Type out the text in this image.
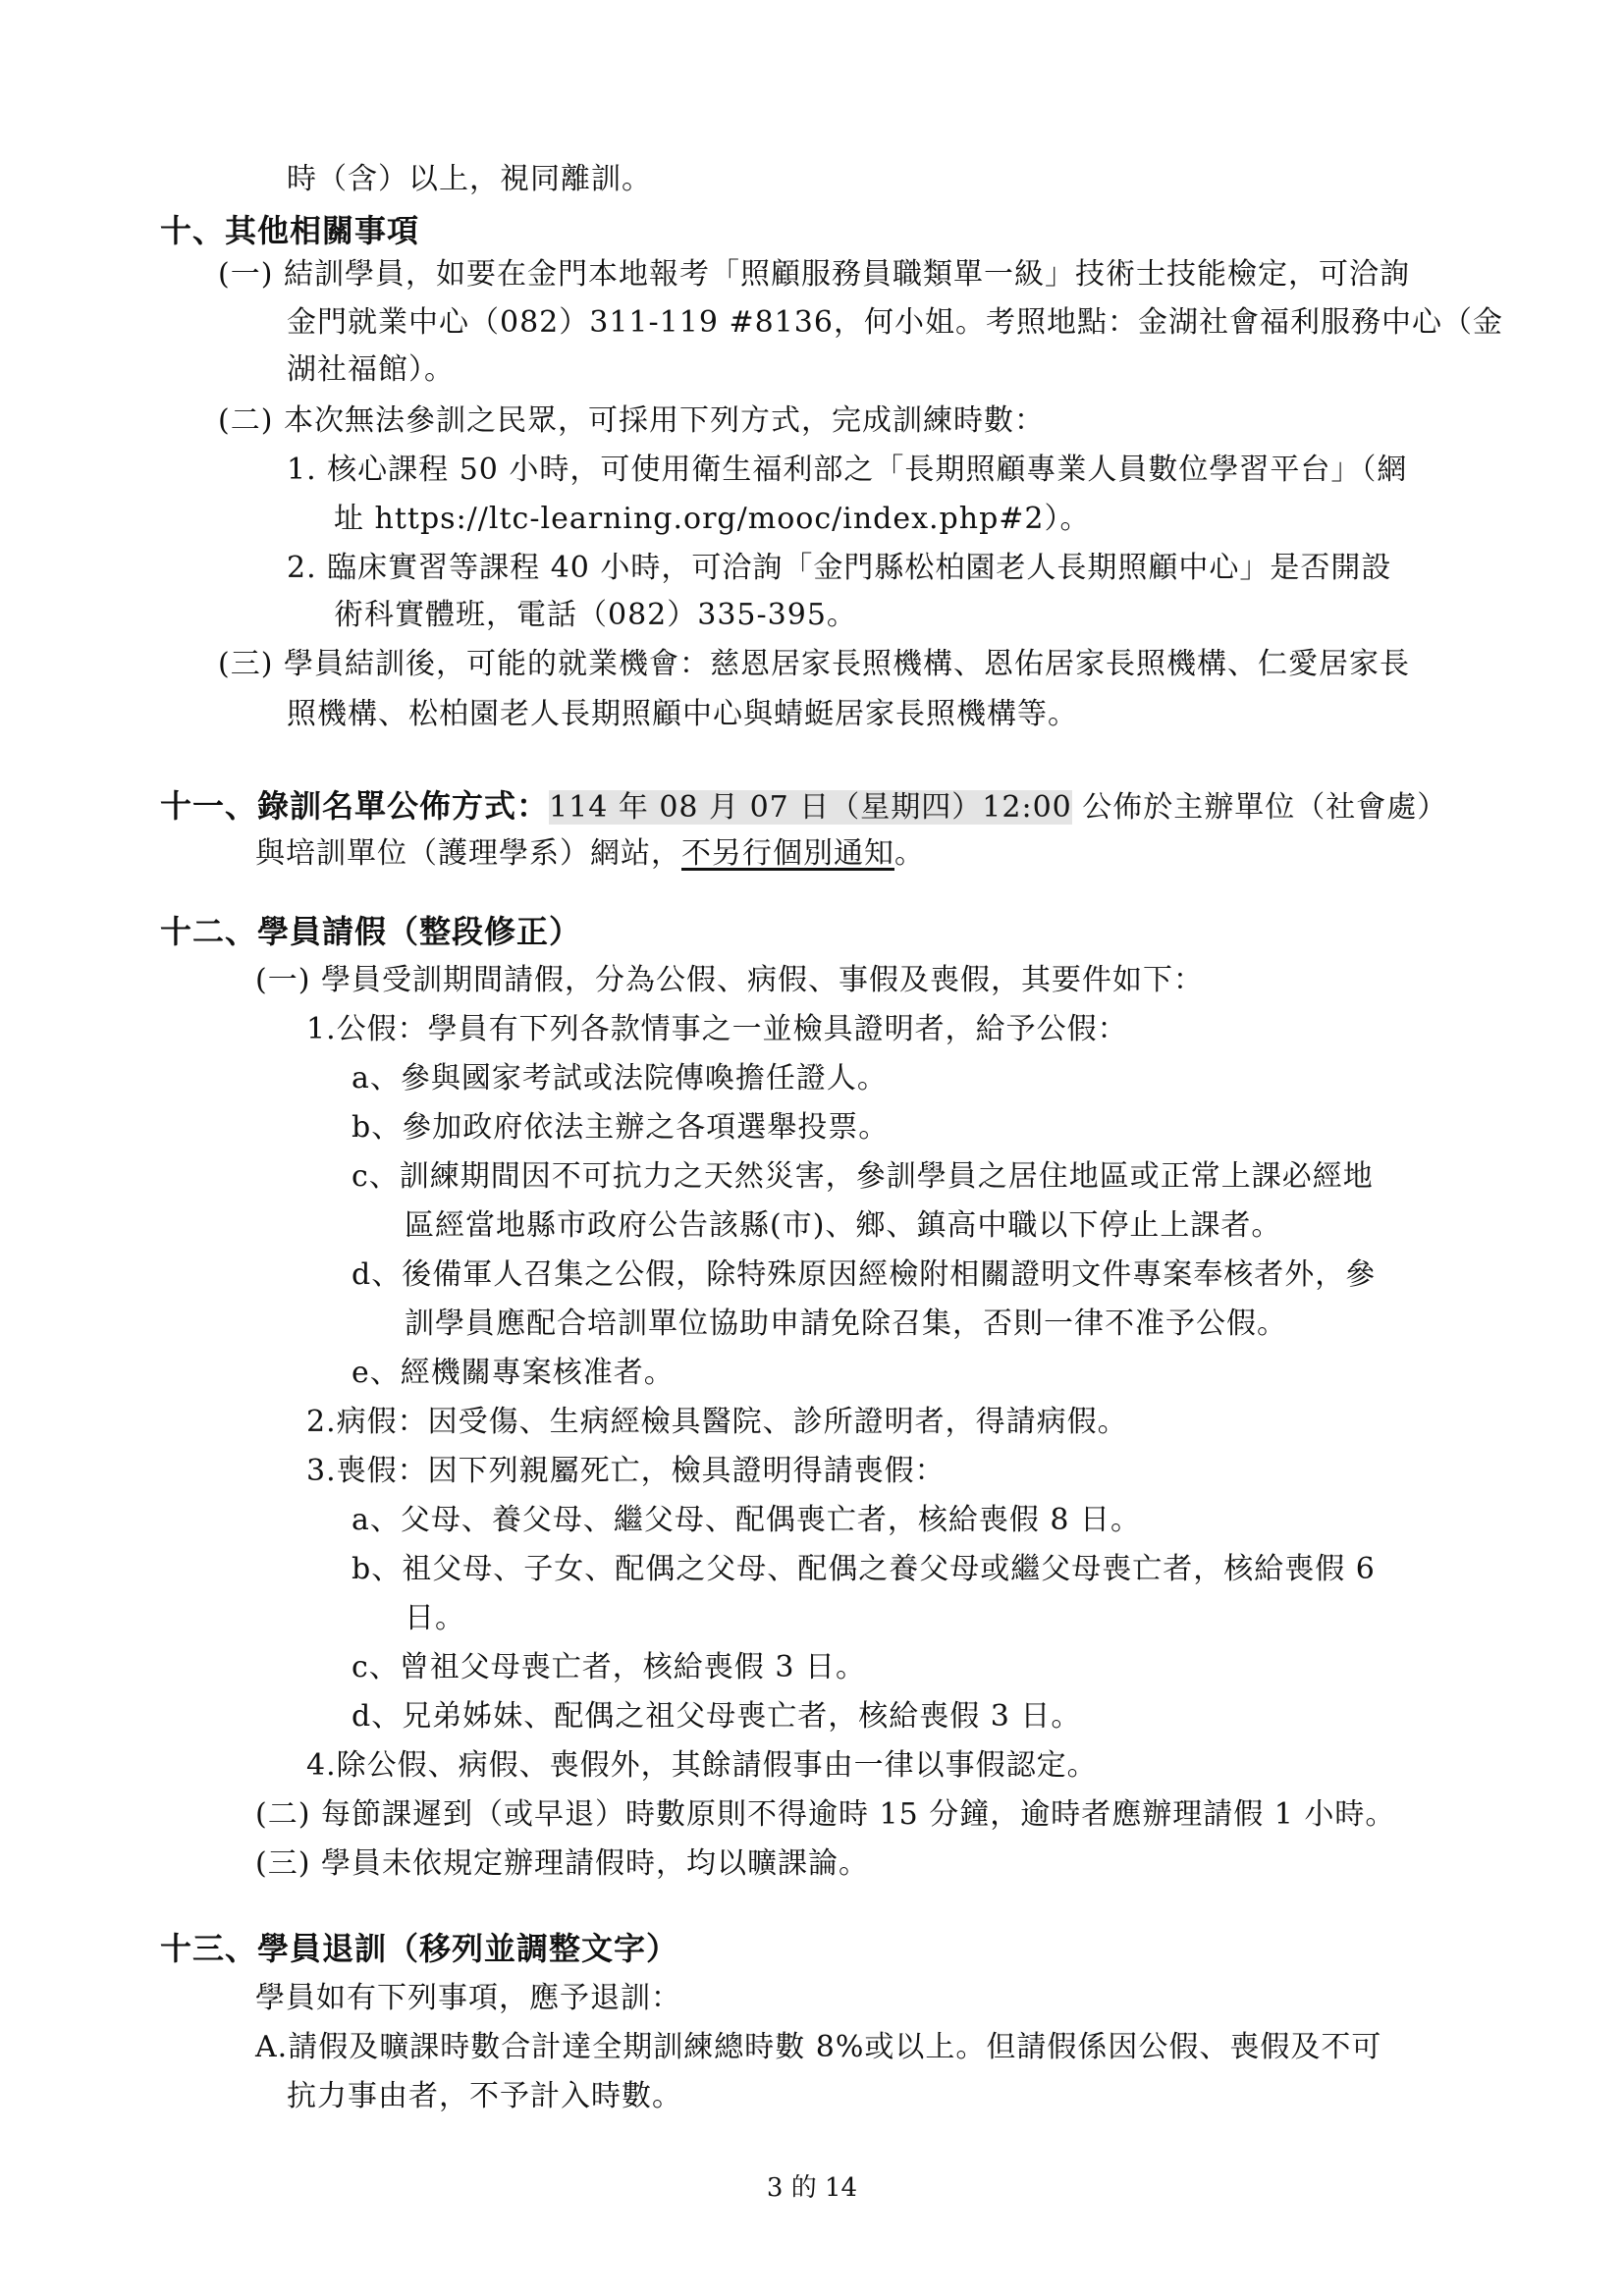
時（含）以上，視同離訓。
十、其他相關事項
(一) 結訓學員，如要在金門本地報考「照顧服務員職類單一級」技術士技能檢定，可洽詢
金門就業中心（082）311-119 #8136，何小姐。考照地點：金湖社會福利服務中心（金
湖社福館）。
(二) 本次無法參訓之民眾，可採用下列方式，完成訓練時數：
1. 核心課程 50 小時，可使用衛生福利部之「長期照顧專業人員數位學習平台」（網
址 https://ltc-learning.org/mooc/index.php#2）。
2. 臨床實習等課程 40 小時，可洽詢「金門縣松柏園老人長期照顧中心」是否開設
術科實體班，電話（082）335-395。
(三) 學員結訓後，可能的就業機會：慈恩居家長照機構、恩佑居家長照機構、仁愛居家長
照機構、松柏園老人長期照顧中心與蜻蜓居家長照機構等。
十一、錄訓名單公佈方式：114 年 08 月 07 日（星期四）12:00 公佈於主辦單位（社會處）
與培訓單位（護理學系）網站，不另行個別通知。
十二、學員請假（整段修正）
(一) 學員受訓期間請假，分為公假、病假、事假及喪假，其要件如下：
1.公假：學員有下列各款情事之一並檢具證明者，給予公假：
a、參與國家考試或法院傳喚擔任證人。
b、參加政府依法主辦之各項選舉投票。
c、訓練期間因不可抗力之天然災害，參訓學員之居住地區或正常上課必經地
區經當地縣市政府公告該縣(市)、鄉、鎮高中職以下停止上課者。
d、後備軍人召集之公假，除特殊原因經檢附相關證明文件專案奉核者外，參
訓學員應配合培訓單位協助申請免除召集，否則一律不准予公假。
e、經機關專案核准者。
2.病假：因受傷、生病經檢具醫院、診所證明者，得請病假。
3.喪假：因下列親屬死亡，檢具證明得請喪假：
a、父母、養父母、繼父母、配偶喪亡者，核給喪假 8 日。
b、祖父母、子女、配偶之父母、配偶之養父母或繼父母喪亡者，核給喪假 6
日。
c、曾祖父母喪亡者，核給喪假 3 日。
d、兄弟姊妹、配偶之祖父母喪亡者，核給喪假 3 日。
4.除公假、病假、喪假外，其餘請假事由一律以事假認定。
(二) 每節課遲到（或早退）時數原則不得逾時 15 分鐘，逾時者應辦理請假 1 小時。
(三) 學員未依規定辦理請假時，均以曠課論。
十三、學員退訓（移列並調整文字）
學員如有下列事項，應予退訓：
A.請假及曠課時數合計達全期訓練總時數 8%或以上。但請假係因公假、喪假及不可
抗力事由者，不予計入時數。
3 的 14
